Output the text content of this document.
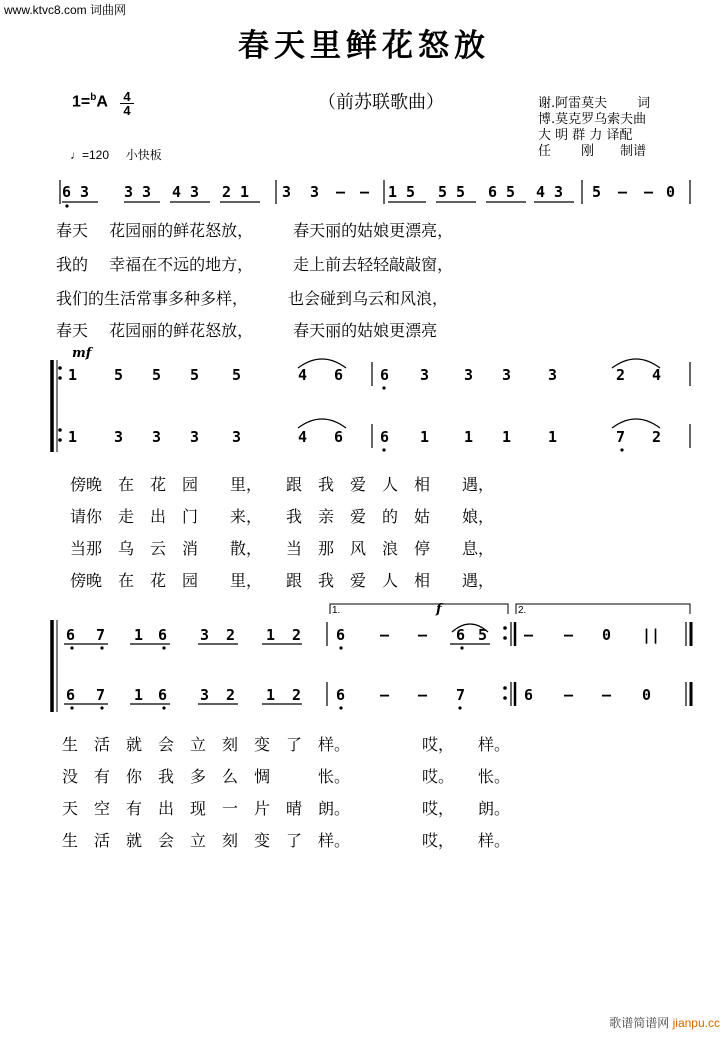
www.ktvc8.com 词曲网
春天里鲜花怒放
（前苏联歌曲）
1=$^b$A 4
4
♩=120 小快板
谢.阿雷莫夫　　 词
博.莫克罗乌索夫曲
大 明 群 力 译配
任 　　刚　　制谱
6 3 3 3 4 3 2 1 3 3 – – 1 5 5 5 6 5 4 3 5 – – 0
春天　 花园丽的鲜花怒放，　　　春天丽的姑娘更漂亮，
我的　 幸福在不远的地方，　　　走上前去轻轻敲敲窗，
我们的生活常事多种多样，　　　也会碰到乌云和风浪，
春天　 花园丽的鲜花怒放，　　　春天丽的姑娘更漂亮
mf
1 5 5 5 5	4 6 6 3 3 3 3	2 4
1 3 3 3 3	4 6 6 1 1 1 1	7 2
傍晚　在　花　园　　里，　　跟　我　爱　人　相　　遇，
请你　走　出　门　　来，　　我　亲　爱　的　姑　　娘，
当那　乌　云　消　　散，　　当　那　风　浪　停　　息，
傍晚　在　花　园　　里，　　跟　我　爱　人　相　　遇，
1.	2.
f
6 7 1 6 3 2 1 2 6 – – 6 5 – – 0 ||
6 7 1 6 3 2 1 2 6 – – 7	6 – – 0
生　活　就　会　立　刻　变　了　样。　　　　　哎，　　样。
没　有　你　我　多　么　惆　　　怅。　　　　　哎。　　怅。
天　空　有　出　现　一　片　晴　朗。　　　　　哎，　　朗。
生　活　就　会　立　刻　变　了　样。　　　　　哎，　　样。
歌谱简谱网 jianpu.cc
